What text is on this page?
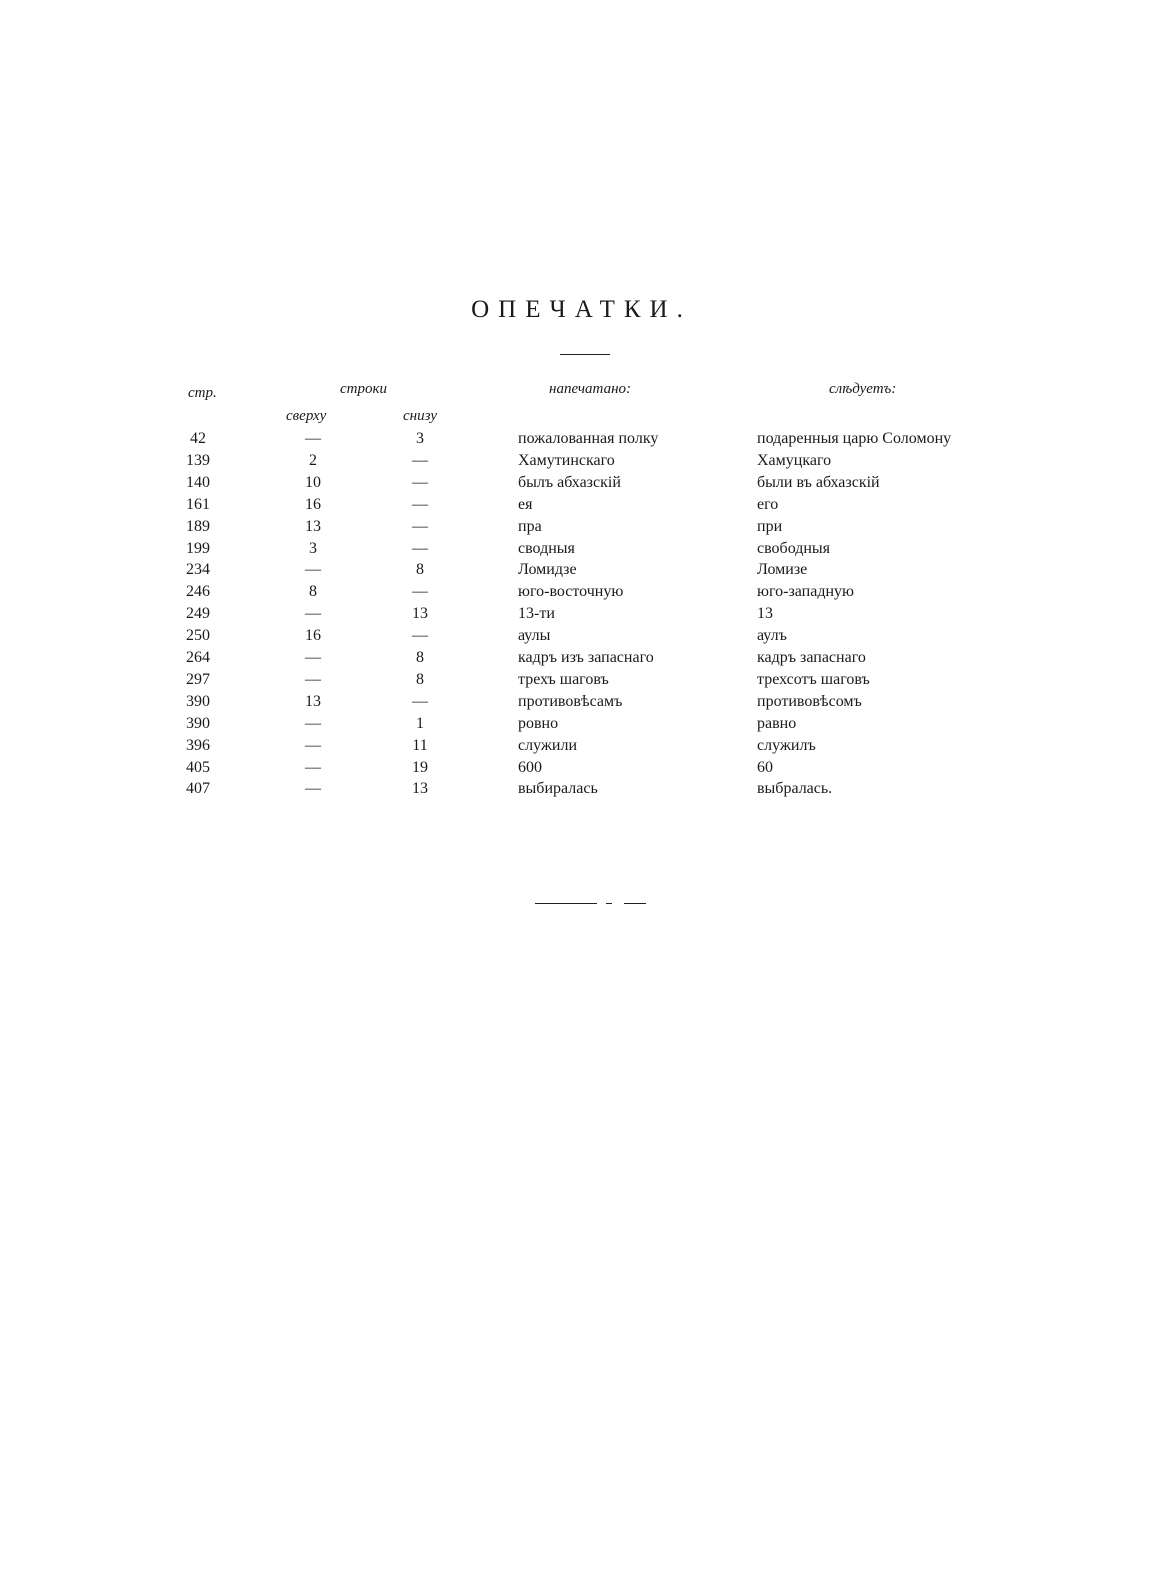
ОПЕЧАТКИ.
стр.	строки
сверху	снизу
напечатано:	слѣдуетъ:
42	—	3	пожалованная полку	подаренныя царю Соломону
139	2	—	Хамутинскаго	Хамуцкаго
140	10	—	былъ абхазскій	были въ абхазскій
161	16	—	ея	его
189	13	—	пра	при
199	3	—	сводныя	свободныя
234	—	8	Ломидзе	Ломизе
246	8	—	юго-восточную	юго-западную
249	—	13	13-ти	13
250	16	—	аулы	аулъ
264	—	8	кадръ изъ запаснаго	кадръ запаснаго
297	—	8	трехъ шаговъ	трехсотъ шаговъ
390	13	—	противовѣсамъ	противовѣсомъ
390	—	1	ровно	равно
396	—	11	служили	служилъ
405	—	19	600	60
407	—	13	выбиралась	выбралась.
